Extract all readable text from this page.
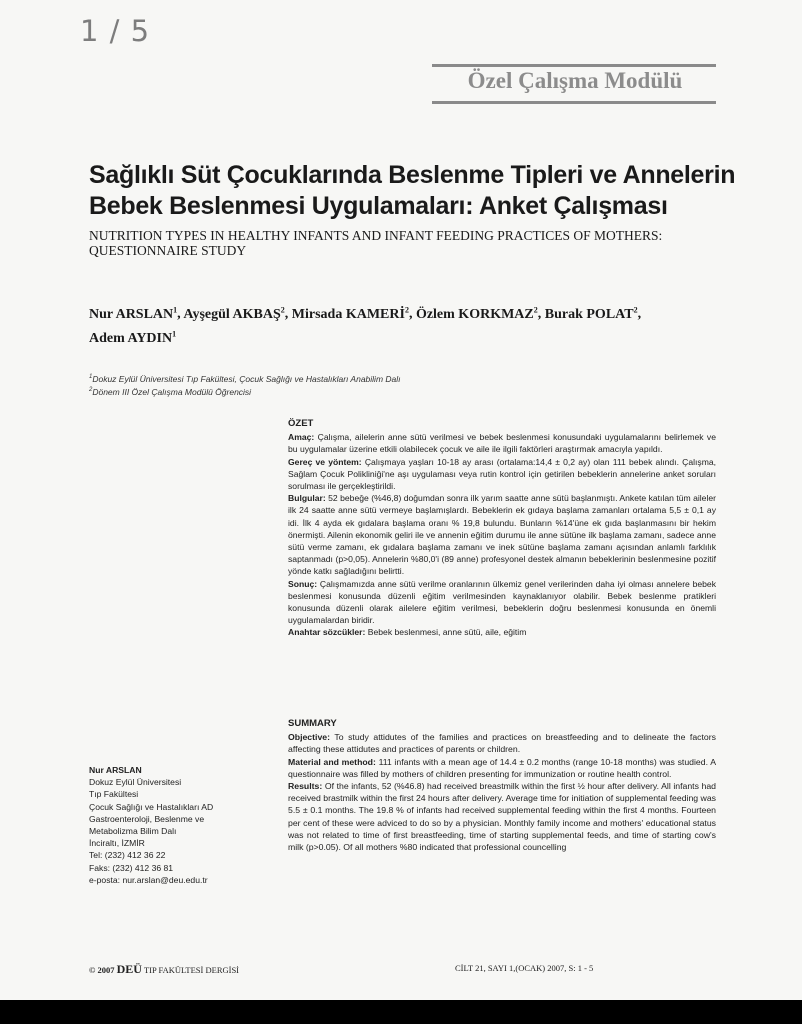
1 / 5
Özel Çalışma Modülü
Sağlıklı Süt Çocuklarında Beslenme Tipleri ve Annelerin Bebek Beslenmesi Uygulamaları: Anket Çalışması
NUTRITION TYPES IN HEALTHY INFANTS AND INFANT FEEDING PRACTICES OF MOTHERS: QUESTIONNAIRE STUDY
Nur ARSLAN$^1$, Ayşegül AKBAŞ$^2$, Mirsada KAMERİ$^2$, Özlem KORKMAZ$^2$, Burak POLAT$^2$,
Adem AYDIN$^1$
$^1$Dokuz Eylül Üniversitesi Tıp Fakültesi, Çocuk Sağlığı ve Hastalıkları Anabilim Dalı
$^2$Dönem III Özel Çalışma Modülü Öğrencisi
ÖZET

Amaç: Çalışma, ailelerin anne sütü verilmesi ve bebek beslenmesi konusundaki uygulamalarını belirlemek ve bu uygulamalar üzerine etkili olabilecek çocuk ve aile ile ilgili faktörleri araştırmak amacıyla yapıldı.

Gereç ve yöntem: Çalışmaya yaşları 10-18 ay arası (ortalama:14,4 ± 0,2 ay) olan 111 bebek alındı. Çalışma, Sağlam Çocuk Polikliniği'ne aşı uygulaması veya rutin kontrol için getirilen bebeklerin annelerine anket soruları sorulması ile gerçekleştirildi.

Bulgular: 52 bebeğe (%46,8) doğumdan sonra ilk yarım saatte anne sütü başlanmıştı. Ankete katılan tüm aileler ilk 24 saatte anne sütü vermeye başlamışlardı. Bebeklerin ek gıdaya başlama zamanları ortalama 5,5 ± 0,1 ay idi. İlk 4 ayda ek gıdalara başlama oranı % 19,8 bulundu. Bunların %14'üne ek gıda başlanmasını bir hekim önermişti. Ailenin ekonomik geliri ile ve annenin eğitim durumu ile anne sütüne ilk başlama zamanı, sadece anne sütü verme zamanı, ek gıdalara başlama zamanı ve inek sütüne başlama zamanı açısından anlamlı farklılık saptanmadı (p>0,05). Annelerin %80,0'i (89 anne) profesyonel destek almanın bebeklerinin beslenmesine pozitif yönde katkı sağladığını belirtti.

Sonuç: Çalışmamızda anne sütü verilme oranlarının ülkemiz genel verilerinden daha iyi olması annelere bebek beslenmesi konusunda düzenli eğitim verilmesinden kaynaklanıyor olabilir. Bebek beslenme pratikleri konusunda düzenli olarak ailelere eğitim verilmesi, bebeklerin doğru beslenmesi konusunda en önemli uygulamalardan biridir.

Anahtar sözcükler: Bebek beslenmesi, anne sütü, aile, eğitim

SUMMARY

Objective: To study attidutes of the families and practices on breastfeeding and to delineate the factors affecting these attidutes and practices of parents or children.

Material and method: 111 infants with a mean age of 14.4 ± 0.2 months (range 10-18 months) was studied. A questionnaire was filled by mothers of children presenting for immunization or routine health control.

Results: Of the infants, 52 (%46.8) had received breastmilk within the first ½ hour after delivery. All infants had received brastmilk within the first 24 hours after delivery. Average time for initiation of supplemental feeding was 5.5 ± 0.1 months. The 19.8 % of infants had received supplemental feeding within the first 4 months. Fourteen per cent of these were adviced to do so by a physician. Monthly family income and mothers' educational status was not related to time of first breastfeeding, time of starting supplemental feeds, and time of starting cow's milk (p>0.05). Of all mothers %80 indicated that professional councelling

Nur ARSLAN
Dokuz Eylül Üniversitesi
Tıp Fakültesi
Çocuk Sağlığı ve Hastalıkları AD
Gastroenteroloji, Beslenme ve
Metabolizma Bilim Dalı
İnciraltı, İZMİR
Tel: (232) 412 36 22
Faks: (232) 412 36 81
e-posta: nur.arslan@deu.edu.tr
© 2007 DEÜ TIP FAKÜLTESİ DERGİSİ	CİLT 21, SAYI 1,(OCAK) 2007, S: 1 - 5
